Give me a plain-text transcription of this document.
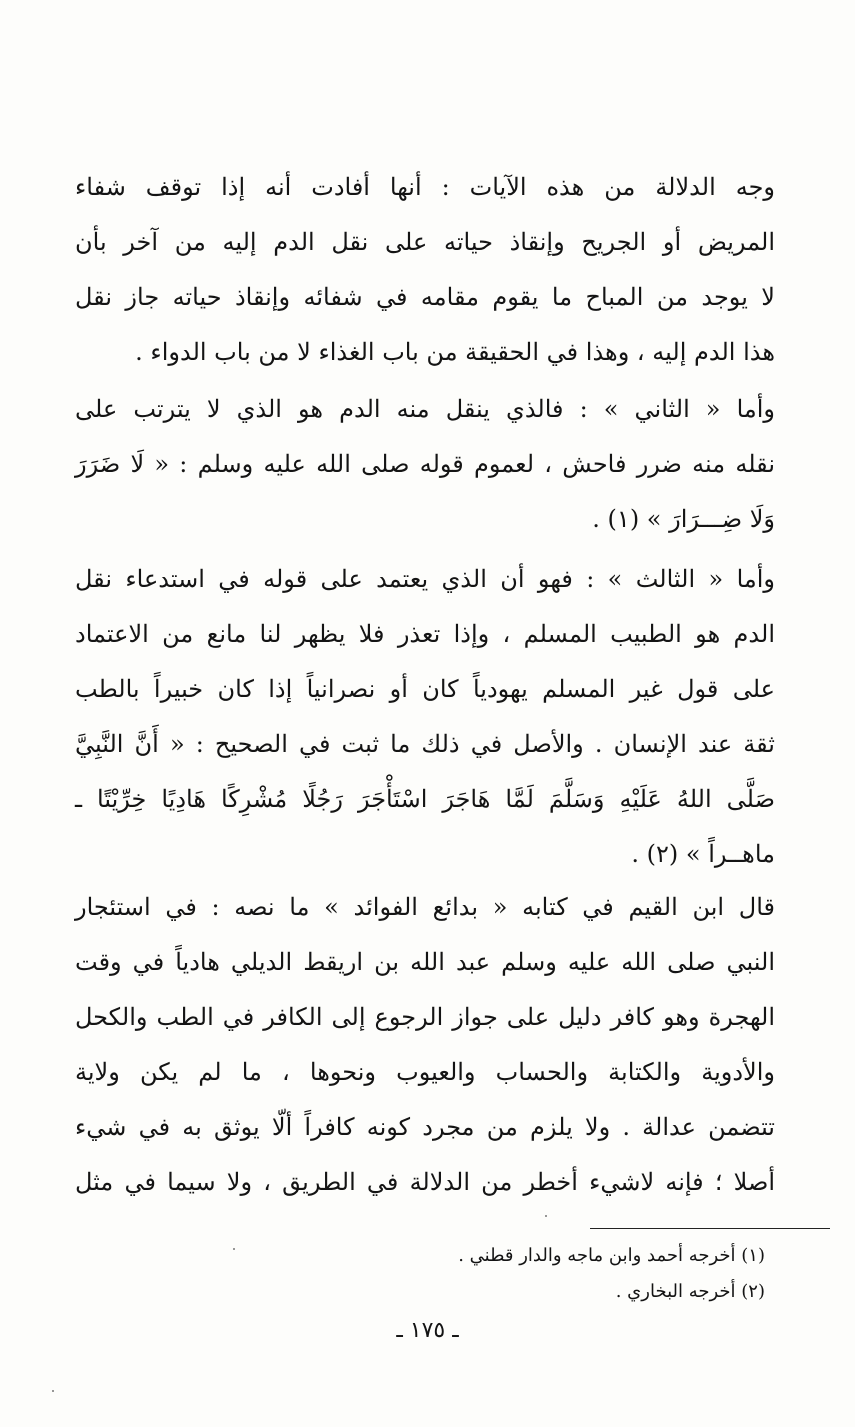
وجه الدلالة من هذه الآيات : أنها أفادت أنه إذا توقف شفاء
المريض أو الجريح وإنقاذ حياته على نقل الدم إليه من آخر بأن
لا يوجد من المباح ما يقوم مقامه في شفائه وإنقاذ حياته جاز نقل
هذا الدم إليه ، وهذا في الحقيقة من باب الغذاء لا من باب الدواء .

وأما « الثاني » : فالذي ينقل منه الدم هو الذي لا يترتب على
نقله منه ضرر فاحش ، لعموم قوله صلى الله عليه وسلم : « لَا ضَرَرَ
وَلَا ضِـــرَارَ » (١) .

وأما « الثالث » : فهو أن الذي يعتمد على قوله في استدعاء نقل
الدم هو الطبيب المسلم ، وإذا تعذر فلا يظهر لنا مانع من الاعتماد
على قول غير المسلم يهودياً كان أو نصرانياً إذا كان خبيراً بالطب
ثقة عند الإنسان . والأصل في ذلك ما ثبت في الصحيح : « أَنَّ النَّبِيَّ
صَلَّى اللهُ عَلَيْهِ وَسَلَّمَ لَمَّا هَاجَرَ اسْتَأْجَرَ رَجُلًا مُشْرِكًا هَادِيًا خِرِّيْتًا ـ
ماهــراً » (٢) .

قال ابن القيم في كتابه « بدائع الفوائد » ما نصه : في استئجار
النبي صلى الله عليه وسلم عبد الله بن اريقط الديلي هادياً في وقت
الهجرة وهو كافر دليل على جواز الرجوع إلى الكافر في الطب والكحل
والأدوية والكتابة والحساب والعيوب ونحوها ، ما لم يكن ولاية
تتضمن عدالة . ولا يلزم من مجرد كونه كافراً ألّا يوثق به في شيء
أصلا ؛ فإنه لاشيء أخطر من الدلالة في الطريق ، ولا سيما في مثل

(١) أخرجه أحمد وابن ماجه والدار قطني .
(٢) أخرجه البخاري .
ـ ١٧٥ ـ
